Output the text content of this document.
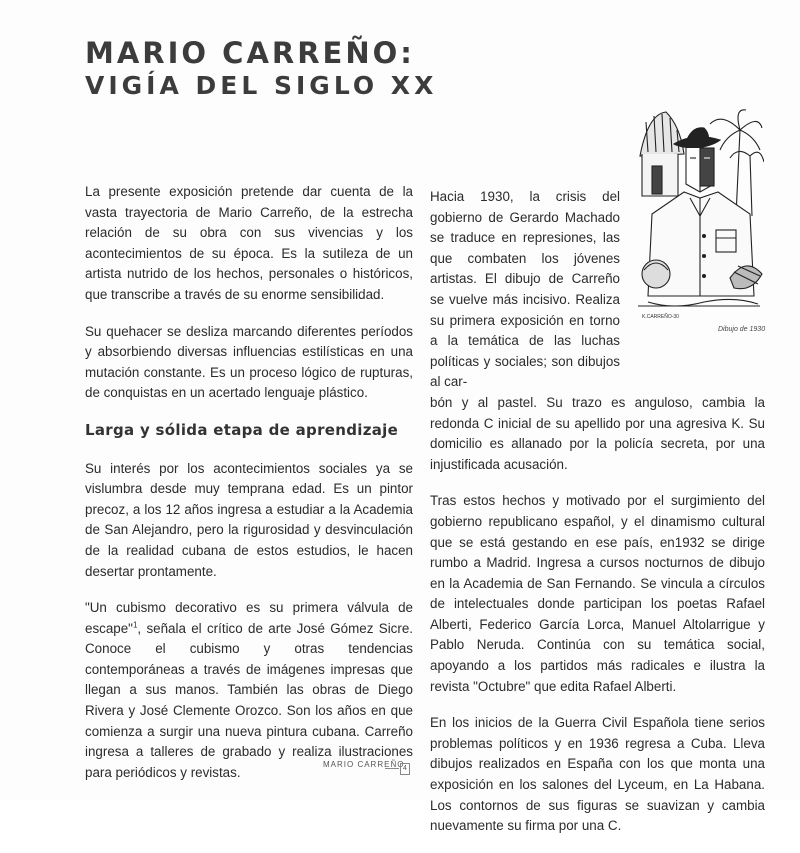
MARIO CARREÑO:
VIGÍA DEL SIGLO XX

La presente exposición pretende dar cuenta de la vasta trayectoria de Mario Carreño, de la estrecha relación de su obra con sus vivencias y los acontecimientos de su época. Es la sutileza de un artista nutrido de los hechos, personales o históricos, que transcribe a través de su enorme sensibilidad.

Su quehacer se desliza marcando diferentes períodos y absorbiendo diversas influencias estilísticas en una mutación constante. Es un proceso lógico de rupturas, de conquistas en un acertado lenguaje plástico.

Larga y sólida etapa de aprendizaje

Su interés por los acontecimientos sociales ya se vislumbra desde muy temprana edad. Es un pintor precoz, a los 12 años ingresa a estudiar a la Academia de San Alejandro, pero la rigurosidad y desvinculación de la realidad cubana de estos estudios, le hacen desertar prontamente.

"Un cubismo decorativo es su primera válvula de escape"$^1$, señala el crítico de arte José Gómez Sicre. Conoce el cubismo y otras tendencias contemporáneas a través de imágenes impresas que llegan a sus manos. También las obras de Diego Rivera y José Clemente Orozco. Son los años en que comienza a surgir una nueva pintura cubana. Carreño ingresa a talleres de grabado y realiza ilustraciones para periódicos y revistas.

Hacia 1930, la crisis del gobierno de Gerardo Machado se traduce en represiones, las que combaten los jóvenes artistas. El dibujo de Carreño se vuelve más incisivo. Realiza su primera exposición en torno a la temática de las luchas políticas y sociales; son dibujos al car-

bón y al pastel. Su trazo es anguloso, cambia la redonda C inicial de su apellido por una agresiva K. Su domicilio es allanado por la policía secreta, por una injustificada acusación.

Tras estos hechos y motivado por el surgimiento del gobierno republicano español, y el dinamismo cultural que se está gestando en ese país, en1932 se dirige rumbo a Madrid. Ingresa a cursos nocturnos de dibujo en la Academia de San Fernando. Se vincula a círculos de intelectuales donde participan los poetas Rafael Alberti, Federico García Lorca, Manuel Altolarrigue y Pablo Neruda. Continúa con su temática social, apoyando a los partidos más radicales e ilustra la revista "Octubre" que edita Rafael Alberti.

En los inicios de la Guerra Civil Española tiene serios problemas políticos y en 1936 regresa a Cuba. Lleva dibujos realizados en España con los que monta una exposición en los salones del Lyceum, en La Habana. Los contornos de sus figuras se suavizan y cambia nuevamente su firma por una C.

K.CARREÑO-30
Dibujo de 1930
MARIO CARREÑO
4
